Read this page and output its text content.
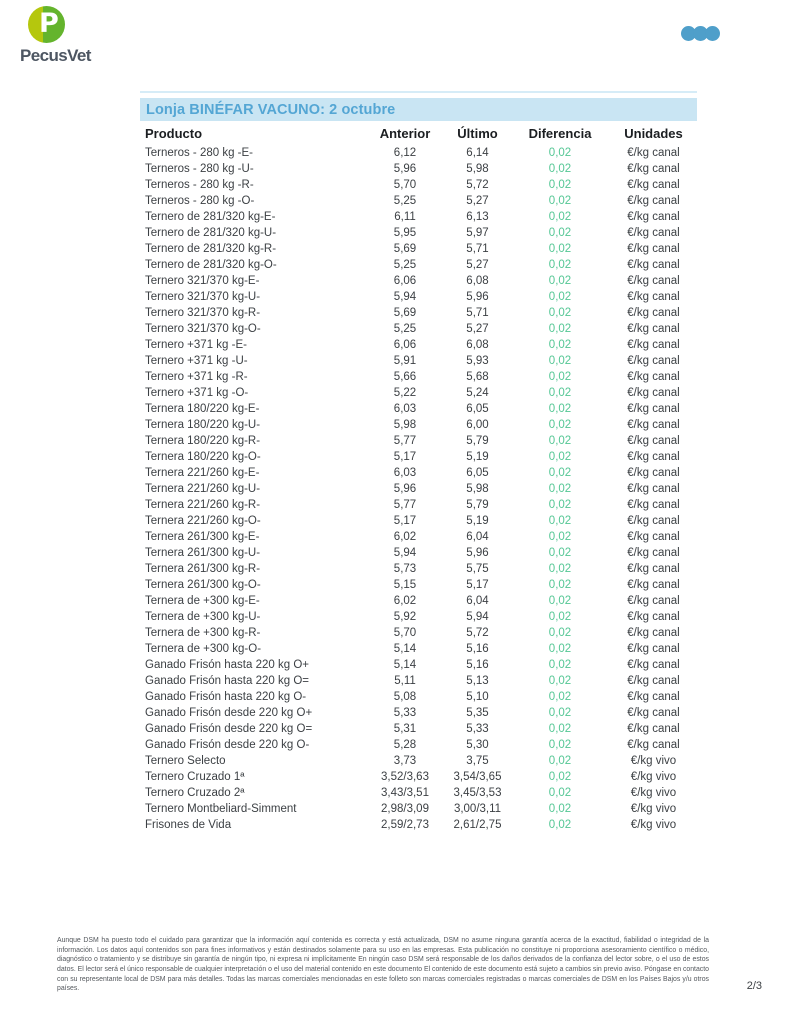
P
PecusVet
Lonja BINÉFAR VACUNO: 2 octubre
Producto	Anterior	Último	Diferencia	Unidades
Terneros - 280 kg -E-	6,12	6,14	0,02	€/kg canal
Terneros - 280 kg -U-	5,96	5,98	0,02	€/kg canal
Terneros - 280 kg -R-	5,70	5,72	0,02	€/kg canal
Terneros - 280 kg -O-	5,25	5,27	0,02	€/kg canal
Ternero de 281/320 kg-E-	6,11	6,13	0,02	€/kg canal
Ternero de 281/320 kg-U-	5,95	5,97	0,02	€/kg canal
Ternero de 281/320 kg-R-	5,69	5,71	0,02	€/kg canal
Ternero de 281/320 kg-O-	5,25	5,27	0,02	€/kg canal
Ternero 321/370 kg-E-	6,06	6,08	0,02	€/kg canal
Ternero 321/370 kg-U-	5,94	5,96	0,02	€/kg canal
Ternero 321/370 kg-R-	5,69	5,71	0,02	€/kg canal
Ternero 321/370 kg-O-	5,25	5,27	0,02	€/kg canal
Ternero +371 kg -E-	6,06	6,08	0,02	€/kg canal
Ternero +371 kg -U-	5,91	5,93	0,02	€/kg canal
Ternero +371 kg -R-	5,66	5,68	0,02	€/kg canal
Ternero +371 kg -O-	5,22	5,24	0,02	€/kg canal
Ternera 180/220 kg-E-	6,03	6,05	0,02	€/kg canal
Ternera 180/220 kg-U-	5,98	6,00	0,02	€/kg canal
Ternera 180/220 kg-R-	5,77	5,79	0,02	€/kg canal
Ternera 180/220 kg-O-	5,17	5,19	0,02	€/kg canal
Ternera 221/260 kg-E-	6,03	6,05	0,02	€/kg canal
Ternera 221/260 kg-U-	5,96	5,98	0,02	€/kg canal
Ternera 221/260 kg-R-	5,77	5,79	0,02	€/kg canal
Ternera 221/260 kg-O-	5,17	5,19	0,02	€/kg canal
Ternera 261/300 kg-E-	6,02	6,04	0,02	€/kg canal
Ternera 261/300 kg-U-	5,94	5,96	0,02	€/kg canal
Ternera 261/300 kg-R-	5,73	5,75	0,02	€/kg canal
Ternera 261/300 kg-O-	5,15	5,17	0,02	€/kg canal
Ternera de +300 kg-E-	6,02	6,04	0,02	€/kg canal
Ternera de +300 kg-U-	5,92	5,94	0,02	€/kg canal
Ternera de +300 kg-R-	5,70	5,72	0,02	€/kg canal
Ternera de +300 kg-O-	5,14	5,16	0,02	€/kg canal
Ganado Frisón hasta 220 kg O+	5,14	5,16	0,02	€/kg canal
Ganado Frisón hasta 220 kg O=	5,11	5,13	0,02	€/kg canal
Ganado Frisón hasta 220 kg O-	5,08	5,10	0,02	€/kg canal
Ganado Frisón desde 220 kg O+	5,33	5,35	0,02	€/kg canal
Ganado Frisón desde 220 kg O=	5,31	5,33	0,02	€/kg canal
Ganado Frisón desde 220 kg O-	5,28	5,30	0,02	€/kg canal
Ternero Selecto	3,73	3,75	0,02	€/kg vivo
Ternero Cruzado 1ª	3,52/3,63	3,54/3,65	0,02	€/kg vivo
Ternero Cruzado 2ª	3,43/3,51	3,45/3,53	0,02	€/kg vivo
Ternero Montbeliard-Simment	2,98/3,09	3,00/3,11	0,02	€/kg vivo
Frisones de Vida	2,59/2,73	2,61/2,75	0,02	€/kg vivo
Aunque DSM ha puesto todo el cuidado para garantizar que la información aquí contenida es correcta y está actualizada, DSM no asume ninguna garantía acerca de la exactitud, fiabilidad o integridad de la información. Los datos aquí contenidos son para fines informativos y están destinados solamente para su uso en las empresas. Esta publicación no constituye ni proporciona asesoramiento científico o médico, diagnóstico o tratamiento y se distribuye sin garantía de ningún tipo, ni expresa ni implícitamente En ningún caso DSM será responsable de los daños derivados de la confianza del lector sobre, o el uso de estos datos. El lector será el único responsable de cualquier interpretación o el uso del material contenido en este documento El contenido de este documento está sujeto a cambios sin previo aviso. Póngase en contacto con su representante local de DSM para más detalles. Todas las marcas comerciales mencionadas en este folleto son marcas comerciales registradas o marcas comerciales de DSM en los Países Bajos y/u otros países.	2/3
